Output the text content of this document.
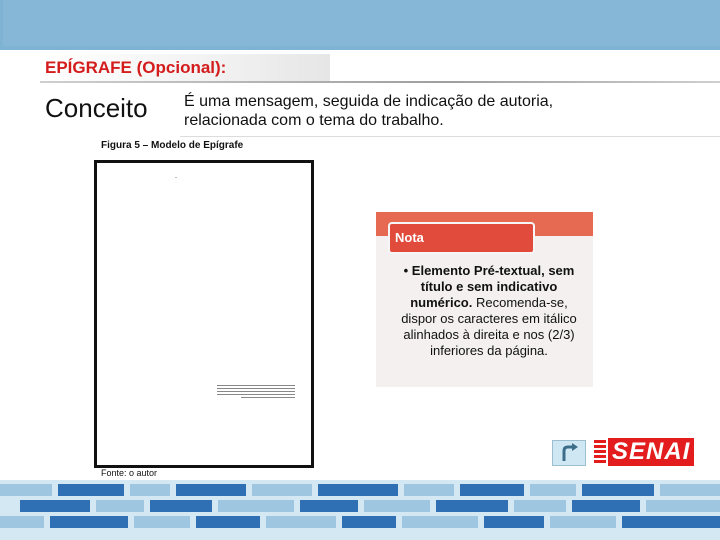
EPÍGRAFE (Opcional):
Conceito	É uma mensagem, seguida de indicação de autoria, relacionada com o tema do trabalho.
Figura 5 – Modelo de Epígrafe
Fonte: o autor
Nota
• Elemento Pré-textual, sem título e sem indicativo numérico. Recomenda-se, dispor os caracteres em itálico alinhados à direita e nos (2/3) inferiores da página.
SENAI
